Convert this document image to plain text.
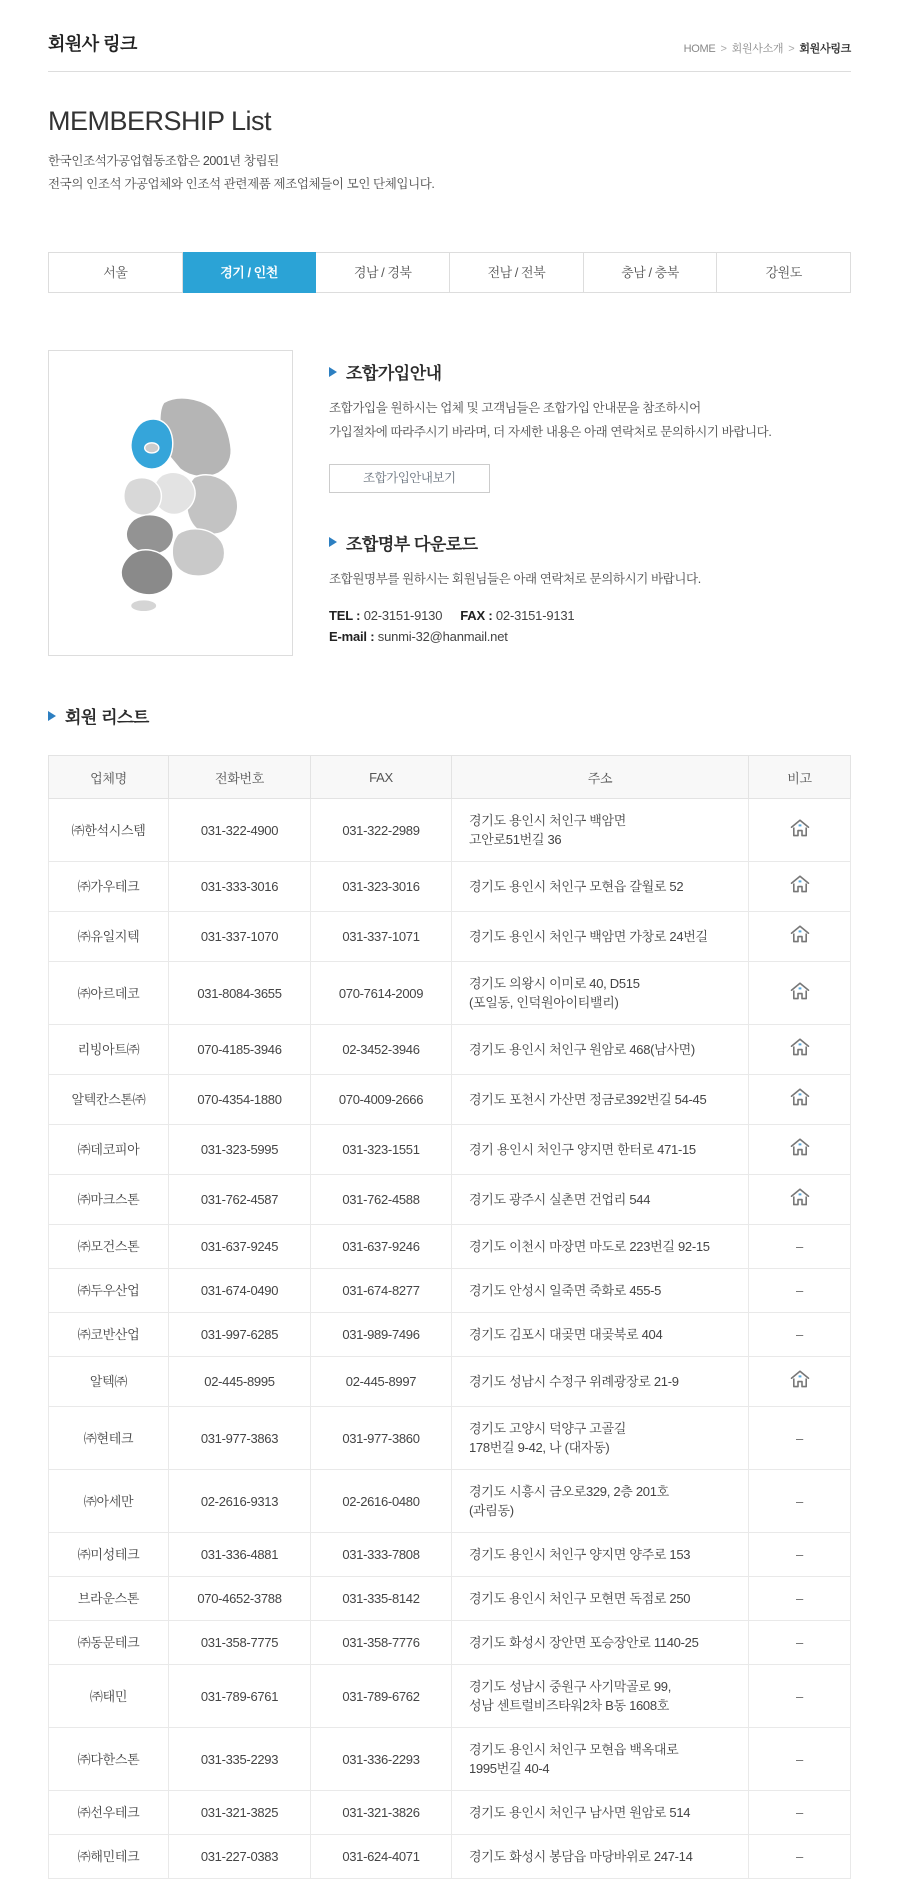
회원사 링크	HOME > 회원사소개 > 회원사링크
MEMBERSHIP List
한국인조석가공업협동조합은 2001년 창립된
전국의 인조석 가공업체와 인조석 관련제품 제조업체들이 모인 단체입니다.
서울	경기 / 인천	경남 / 경북	전남 / 전북	충남 / 충북	강원도
조합가입안내
조합가입을 원하시는 업체 및 고객님들은 조합가입 안내문을 참조하시어
가입절차에 따라주시기 바라며, 더 자세한 내용은 아래 연락처로 문의하시기 바랍니다.
조합가입안내보기
조합명부 다운로드
조합원명부를 원하시는 회원님들은 아래 연락처로 문의하시기 바랍니다.
TEL : 02-3151-9130 FAX : 02-3151-9131
E-mail : sunmi-32@hanmail.net
회원 리스트
업체명	전화번호	FAX	주소	비고
㈜한석시스템	031-322-4900	031-322-2989	경기도 용인시 처인구 백암면
고안로51번길 36

㈜가우테크	031-333-3016	031-323-3016	경기도 용인시 처인구 모현읍 갈월로 52

㈜유일지텍	031-337-1070	031-337-1071	경기도 용인시 처인구 백암면 가창로 24번길

㈜아르데코	031-8084-3655	070-7614-2009	경기도 의왕시 이미로 40, D515
(포일동, 인덕원아이티밸리)

리빙아트㈜	070-4185-3946	02-3452-3946	경기도 용인시 처인구 원암로 468(남사면)

알텍칸스톤㈜	070-4354-1880	070-4009-2666	경기도 포천시 가산면 정금로392번길 54-45

㈜데코피아	031-323-5995	031-323-1551	경기 용인시 처인구 양지면 한터로 471-15

㈜마크스톤	031-762-4587	031-762-4588	경기도 광주시 실촌면 건업리 544

㈜모건스톤	031-637-9245	031-637-9246	경기도 이천시 마장면 마도로 223번길 92-15	–
㈜두우산업	031-674-0490	031-674-8277	경기도 안성시 일죽면 죽화로 455-5	–
㈜코반산업	031-997-6285	031-989-7496	경기도 김포시 대곶면 대곶북로 404	–
알텍㈜	02-445-8995	02-445-8997	경기도 성남시 수정구 위례광장로 21-9

㈜현테크	031-977-3863	031-977-3860	경기도 고양시 덕양구 고골길
178번길 9-42, 나 (대자동)	–
㈜아세만	02-2616-9313	02-2616-0480	경기도 시흥시 금오로329, 2층 201호
(과림동)	–
㈜미성테크	031-336-4881	031-333-7808	경기도 용인시 처인구 양지면 양주로 153	–
브라운스톤	070-4652-3788	031-335-8142	경기도 용인시 처인구 모현면 독점로 250	–
㈜동문테크	031-358-7775	031-358-7776	경기도 화성시 장안면 포승장안로 1140-25	–
㈜태민	031-789-6761	031-789-6762	경기도 성남시 중원구 사기막골로 99,
성남 센트럴비즈타워2차 B동 1608호	–
㈜다한스톤	031-335-2293	031-336-2293	경기도 용인시 처인구 모현읍 백옥대로
1995번길 40-4	–
㈜선우테크	031-321-3825	031-321-3826	경기도 용인시 처인구 남사면 원암로 514	–
㈜해민테크	031-227-0383	031-624-4071	경기도 화성시 봉담읍 마당바위로 247-14	–
